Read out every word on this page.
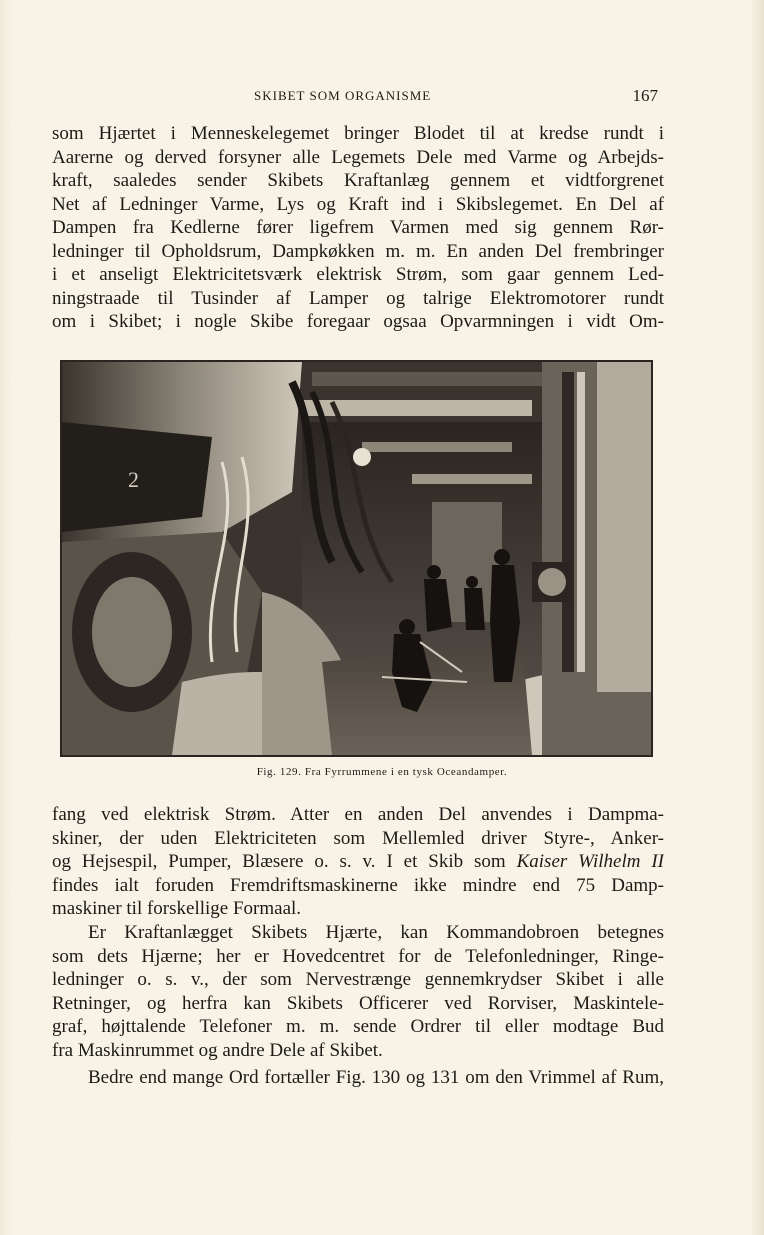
SKIBET SOM ORGANISME	167
som Hjærtet i Menneskelegemet bringer Blodet til at kredse rundt i
Aarerne og derved forsyner alle Legemets Dele med Varme og Arbejds-
kraft, saaledes sender Skibets Kraftanlæg gennem et vidtforgrenet
Net af Ledninger Varme, Lys og Kraft ind i Skibslegemet. En Del af
Dampen fra Kedlerne fører ligefrem Varmen med sig gennem Rør-
ledninger til Opholdsrum, Dampkøkken m. m. En anden Del frembringer
i et anseligt Elektricitetsværk elektrisk Strøm, som gaar gennem Led-
ningstraade til Tusinder af Lamper og talrige Elektromotorer rundt
om i Skibet; i nogle Skibe foregaar ogsaa Opvarmningen i vidt Om-
2
Fig. 129. Fra Fyrrummene i en tysk Oceandamper.
fang ved elektrisk Strøm. Atter en anden Del anvendes i Dampma-
skiner, der uden Elektriciteten som Mellemled driver Styre-, Anker-
og Hejsespil, Pumper, Blæsere o. s. v. I et Skib som Kaiser Wilhelm II
findes ialt foruden Fremdriftsmaskinerne ikke mindre end 75 Damp-
maskiner til forskellige Formaal.
Er Kraftanlægget Skibets Hjærte, kan Kommandobroen betegnes
som dets Hjærne; her er Hovedcentret for de Telefonledninger, Ringe-
ledninger o. s. v., der som Nervestrænge gennemkrydser Skibet i alle
Retninger, og herfra kan Skibets Officerer ved Rorviser, Maskintele-
graf, højttalende Telefoner m. m. sende Ordrer til eller modtage Bud
fra Maskinrummet og andre Dele af Skibet.
Bedre end mange Ord fortæller Fig. 130 og 131 om den Vrimmel af Rum,
